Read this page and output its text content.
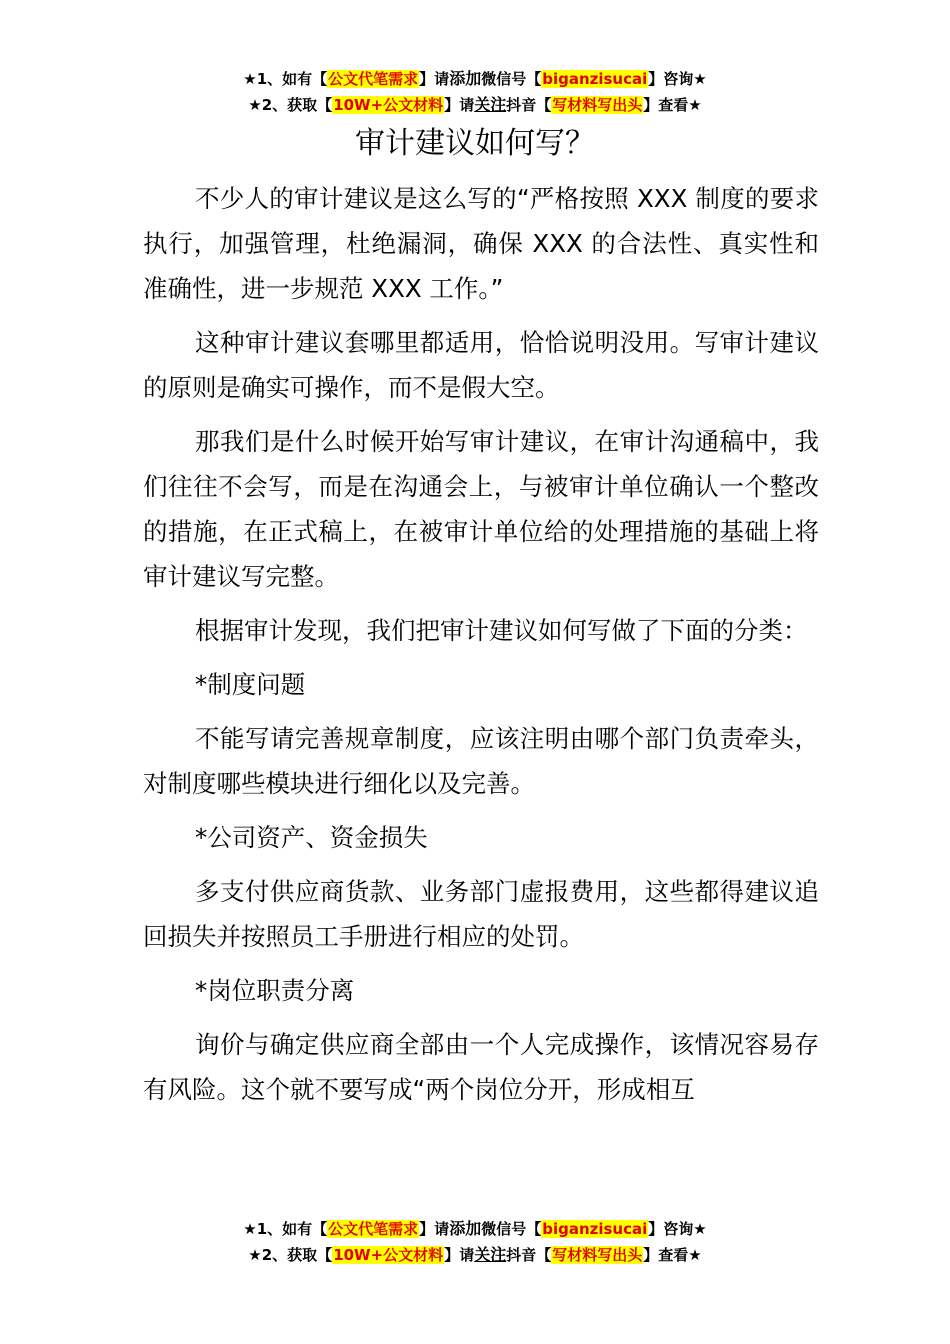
★1、如有【公文代笔需求】请添加微信号【biganzisucai】咨询★
★2、获取【10W+公文材料】请关注抖音【写材料写出头】查看★
审计建议如何写？

不少人的审计建议是这么写的“严格按照 XXX 制度的要求执行，加强管理，杜绝漏洞，确保 XXX 的合法性、真实性和准确性，进一步规范 XXX 工作。”

这种审计建议套哪里都适用，恰恰说明没用。写审计建议的原则是确实可操作，而不是假大空。

那我们是什么时候开始写审计建议，在审计沟通稿中，我们往往不会写，而是在沟通会上，与被审计单位确认一个整改的措施，在正式稿上，在被审计单位给的处理措施的基础上将审计建议写完整。

根据审计发现，我们把审计建议如何写做了下面的分类：

*制度问题

不能写请完善规章制度，应该注明由哪个部门负责牵头，对制度哪些模块进行细化以及完善。

*公司资产、资金损失

多支付供应商货款、业务部门虚报费用，这些都得建议追回损失并按照员工手册进行相应的处罚。

*岗位职责分离

询价与确定供应商全部由一个人完成操作，该情况容易存有风险。这个就不要写成“两个岗位分开，形成相互

★1、如有【公文代笔需求】请添加微信号【biganzisucai】咨询★
★2、获取【10W+公文材料】请关注抖音【写材料写出头】查看★
